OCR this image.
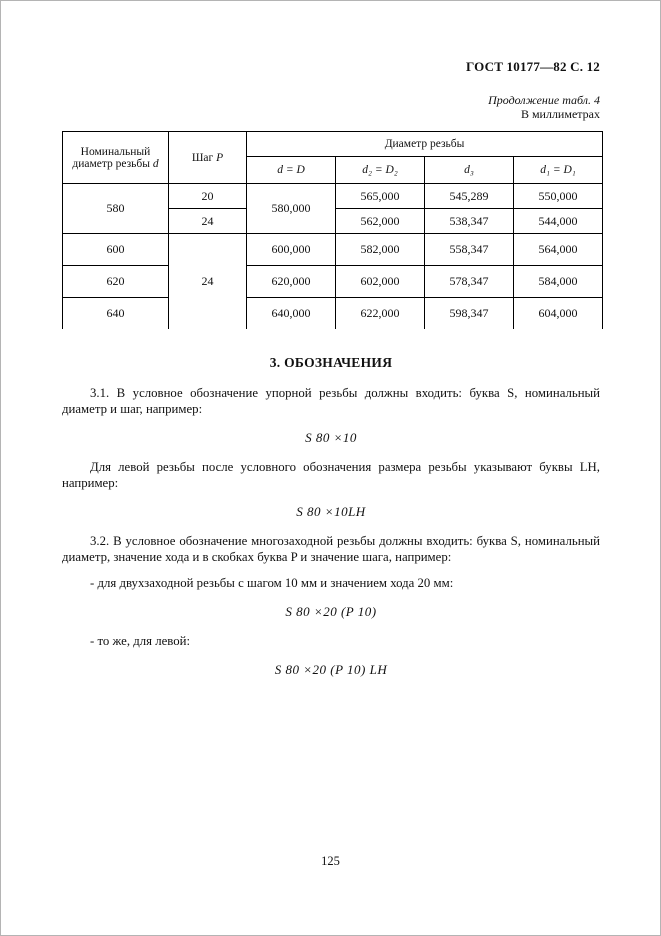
ГОСТ 10177—82 С. 12
Продолжение табл. 4
В миллиметрах
Номинальный диаметр резьбы d	Шаг P	Диаметр резьбы			
		d = D	d₂ = D₂	d₃	d₁ = D₁
580	20	580,000	565,000	545,289	550,000
	24		562,000	538,347	544,000
600	24	600,000	582,000	558,347	564,000
620		620,000	602,000	578,347	584,000
640		640,000	622,000	598,347	604,000
3. ОБОЗНАЧЕНИЯ

3.1. В условное обозначение упорной резьбы должны входить: буква S, номинальный диаметр и шаг, например:

S 80 ×10

Для левой резьбы после условного обозначения размера резьбы указывают буквы LH, например:

S 80 ×10LH

3.2. В условное обозначение многозаходной резьбы должны входить: буква S, номинальный диаметр, значение хода и в скобках буква P и значение шага, например:

- для двухзаходной резьбы с шагом 10 мм и значением хода 20 мм:

S 80 ×20 (P 10)

- то же, для левой:

S 80 ×20 (P 10) LH
125
